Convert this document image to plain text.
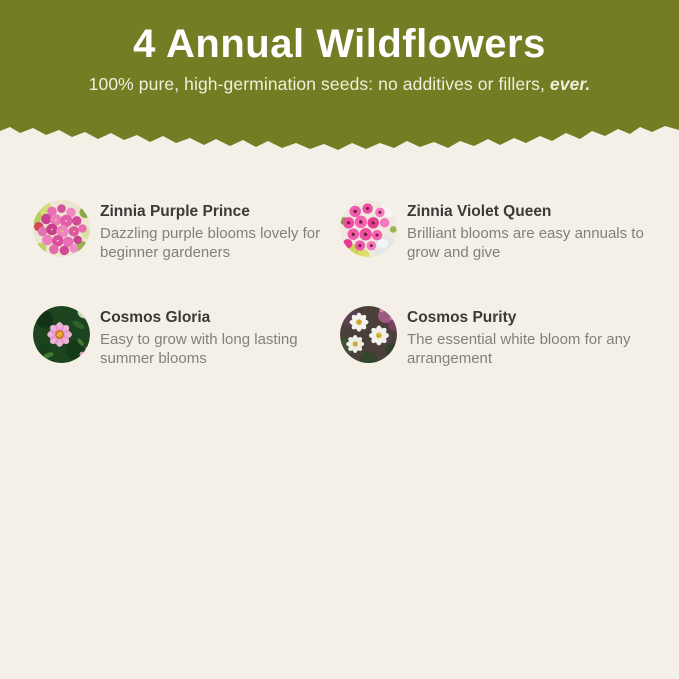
4 Annual Wildflowers
100% pure, high-germination seeds: no additives or fillers, ever.

Zinnia Purple Prince

Dazzling purple blooms lovely for beginner gardeners

Zinnia Violet Queen

Brilliant blooms are easy annuals to grow and give

Cosmos Gloria

Easy to grow with long lasting summer blooms

Cosmos Purity

The essential white bloom for any arrangement
